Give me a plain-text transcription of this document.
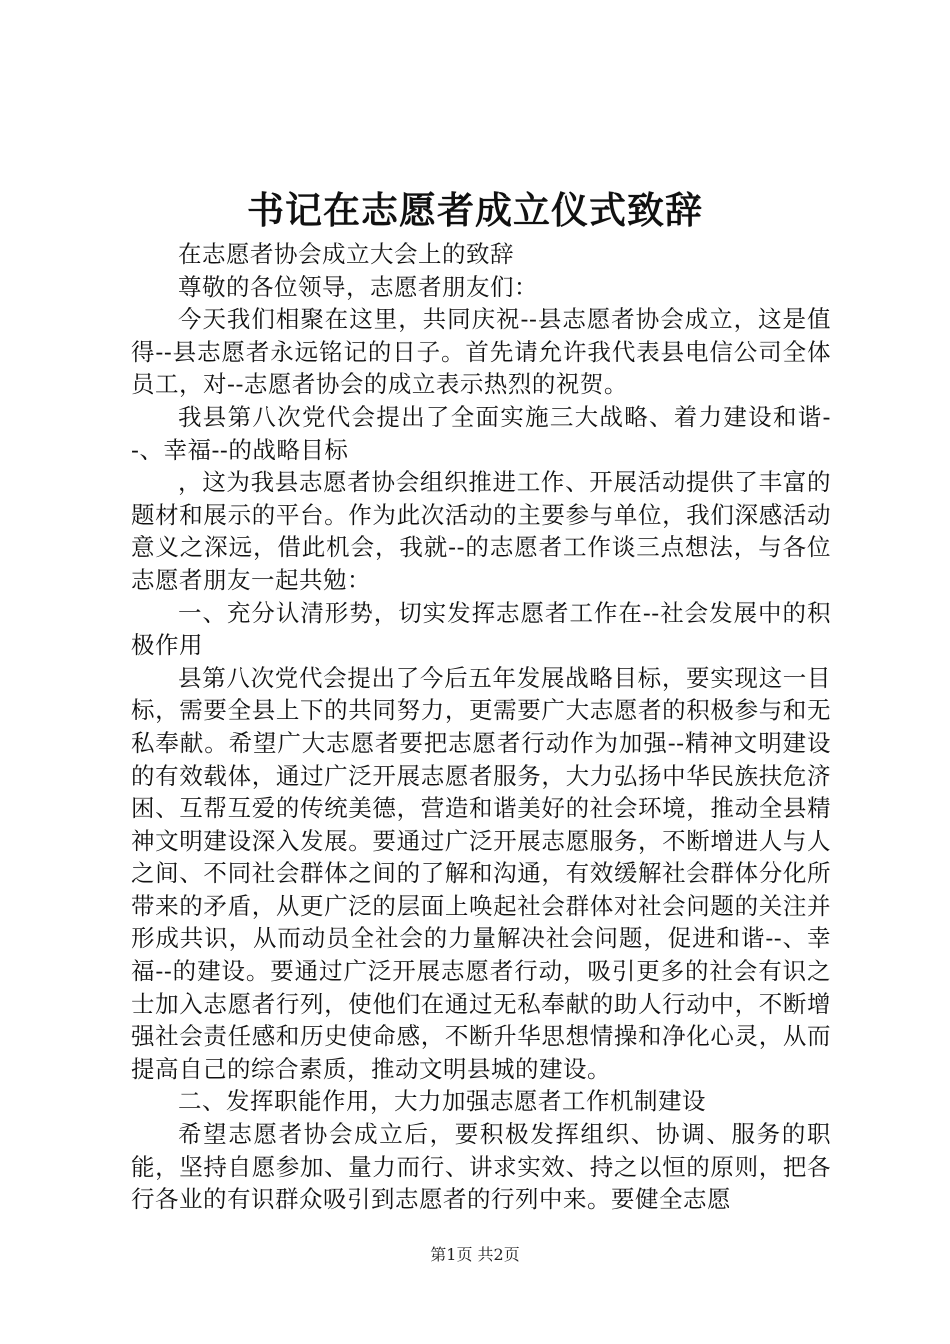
书记在志愿者成立仪式致辞

在志愿者协会成立大会上的致辞

尊敬的各位领导，志愿者朋友们：

今天我们相聚在这里，共同庆祝--县志愿者协会成立，这是值得--县志愿者永远铭记的日子。首先请允许我代表县电信公司全体员工，对--志愿者协会的成立表示热烈的祝贺。

我县第八次党代会提出了全面实施三大战略、着力建设和谐--、幸福--的战略目标

，这为我县志愿者协会组织推进工作、开展活动提供了丰富的题材和展示的平台。作为此次活动的主要参与单位，我们深感活动意义之深远，借此机会，我就--的志愿者工作谈三点想法，与各位志愿者朋友一起共勉：

一、充分认清形势，切实发挥志愿者工作在--社会发展中的积极作用

县第八次党代会提出了今后五年发展战略目标，要实现这一目标，需要全县上下的共同努力，更需要广大志愿者的积极参与和无私奉献。希望广大志愿者要把志愿者行动作为加强--精神文明建设的有效载体，通过广泛开展志愿者服务，大力弘扬中华民族扶危济困、互帮互爱的传统美德，营造和谐美好的社会环境，推动全县精神文明建设深入发展。要通过广泛开展志愿服务，不断增进人与人之间、不同社会群体之间的了解和沟通，有效缓解社会群体分化所带来的矛盾，从更广泛的层面上唤起社会群体对社会问题的关注并形成共识，从而动员全社会的力量解决社会问题，促进和谐--、幸福--的建设。要通过广泛开展志愿者行动，吸引更多的社会有识之士加入志愿者行列，使他们在通过无私奉献的助人行动中，不断增强社会责任感和历史使命感，不断升华思想情操和净化心灵，从而提高自己的综合素质，推动文明县城的建设。

二、发挥职能作用，大力加强志愿者工作机制建设

希望志愿者协会成立后，要积极发挥组织、协调、服务的职能，坚持自愿参加、量力而行、讲求实效、持之以恒的原则，把各行各业的有识群众吸引到志愿者的行列中来。要健全志愿

第1页 共2页
